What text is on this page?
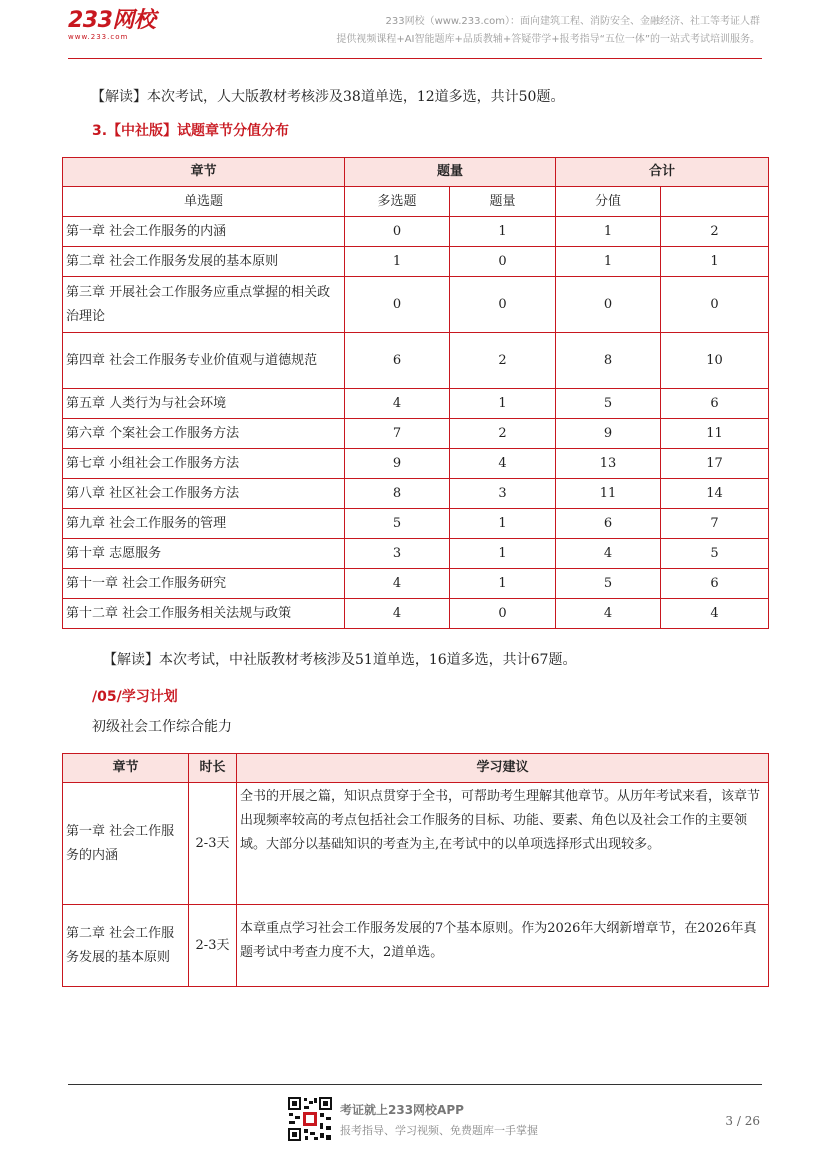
233网校
www.233.com
233网校（www.233.com）：面向建筑工程、消防安全、金融经济、社工等考证人群
提供视频课程+AI智能题库+品质教辅+答疑带学+报考指导“五位一体”的一站式考试培训服务。
【解读】本次考试，人大版教材考核涉及38道单选，12道多选，共计50题。
3.【中社版】试题章节分值分布
章节	题量		合计	
单选题	多选题	题量	分值	
第一章 社会工作服务的内涵	0	1	1	2
第二章 社会工作服务发展的基本原则	1	0	1	1
第三章 开展社会工作服务应重点掌握的相关政治理论	0	0	0	0
第四章 社会工作服务专业价值观与道德规范	6	2	8	10
第五章 人类行为与社会环境	4	1	5	6
第六章 个案社会工作服务方法	7	2	9	11
第七章 小组社会工作服务方法	9	4	13	17
第八章 社区社会工作服务方法	8	3	11	14
第九章 社会工作服务的管理	5	1	6	7
第十章 志愿服务	3	1	4	5
第十一章 社会工作服务研究	4	1	5	6
第十二章 社会工作服务相关法规与政策	4	0	4	4
【解读】本次考试，中社版教材考核涉及51道单选，16道多选，共计67题。
/05/学习计划
初级社会工作综合能力
章节	时长	学习建议
第一章 社会工作服务的内涵	2-3天	全书的开展之篇，知识点贯穿于全书，可帮助考生理解其他章节。从历年考试来看，该章节出现频率较高的考点包括社会工作服务的目标、功能、要素、角色以及社会工作的主要领域。大部分以基础知识的考查为主,在考试中的以单项选择形式出现较多。
第二章 社会工作服务发展的基本原则	2-3天	本章重点学习社会工作服务发展的7个基本原则。作为2026年大纲新增章节，在2026年真题考试中考查力度不大，2道单选。
考证就上233网校APP
报考指导、学习视频、免费题库一手掌握
3 / 26
